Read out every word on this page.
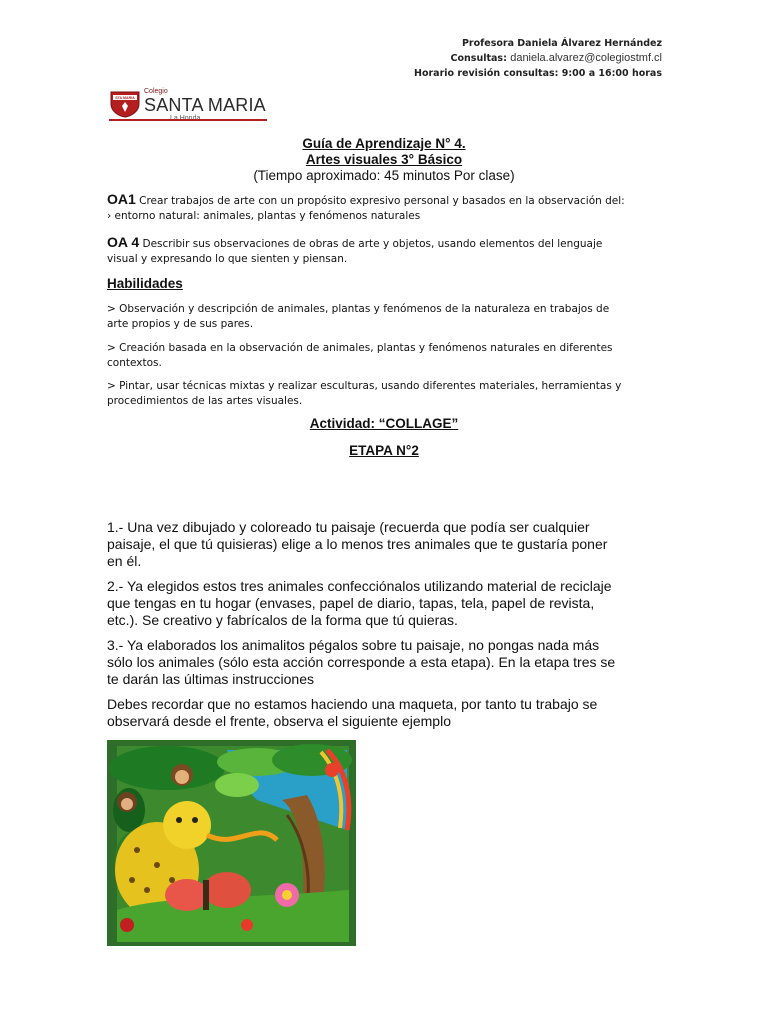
Profesora Daniela Álvarez Hernández
Consultas: daniela.alvarez@colegiostmf.cl
Horario revisión consultas: 9:00 a 16:00 horas
STA MARIA
Colegio
SANTA MARIA
Guía de Aprendizaje N° 4.
Artes visuales 3° Básico
(Tiempo aproximado: 45 minutos Por clase)
OA1 Crear trabajos de arte con un propósito expresivo personal y basados en la observación del:
› entorno natural: animales, plantas y fenómenos naturales
OA 4 Describir sus observaciones de obras de arte y objetos, usando elementos del lenguaje
visual y expresando lo que sienten y piensan.
Habilidades
> Observación y descripción de animales, plantas y fenómenos de la naturaleza en trabajos de
arte propios y de sus pares.
> Creación basada en la observación de animales, plantas y fenómenos naturales en diferentes
contextos.
> Pintar, usar técnicas mixtas y realizar esculturas, usando diferentes materiales, herramientas y
procedimientos de las artes visuales.
Actividad: “COLLAGE”
ETAPA N°2
1.- Una vez dibujado y coloreado tu paisaje (recuerda que podía ser cualquier
paisaje, el que tú quisieras) elige a lo menos tres animales que te gustaría poner
en él.
2.- Ya elegidos estos tres animales confecciónalos utilizando material de reciclaje
que tengas en tu hogar (envases, papel de diario, tapas, tela, papel de revista,
etc.). Se creativo y fabrícalos de la forma que tú quieras.
3.- Ya elaborados los animalitos pégalos sobre tu paisaje, no pongas nada más
sólo los animales (sólo esta acción corresponde a esta etapa). En la etapa tres se
te darán las últimas instrucciones
Debes recordar que no estamos haciendo una maqueta, por tanto tu trabajo se
observará desde el frente, observa el siguiente ejemplo
